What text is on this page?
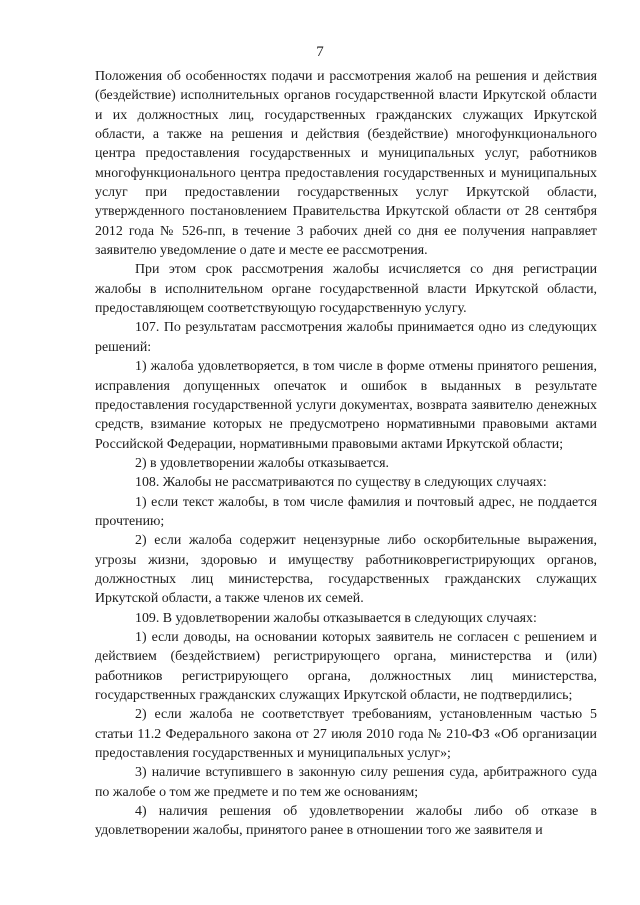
7

Положения об особенностях подачи и рассмотрения жалоб на решения и действия (бездействие) исполнительных органов государственной власти Иркутской области и их должностных лиц, государственных гражданских служащих Иркутской области, а также на решения и действия (бездействие) многофункционального центра предоставления государственных и муниципальных услуг, работников многофункционального центра предоставления государственных и муниципальных услуг при предоставлении государственных услуг Иркутской области, утвержденного постановлением Правительства Иркутской области от 28 сентября 2012 года № 526-пп, в течение 3 рабочих дней со дня ее получения направляет заявителю уведомление о дате и месте ее рассмотрения.

При этом срок рассмотрения жалобы исчисляется со дня регистрации жалобы в исполнительном органе государственной власти Иркутской области, предоставляющем соответствующую государственную услугу.

107. По результатам рассмотрения жалобы принимается одно из следующих решений:

1) жалоба удовлетворяется, в том числе в форме отмены принятого решения, исправления допущенных опечаток и ошибок в выданных в результате предоставления государственной услуги документах, возврата заявителю денежных средств, взимание которых не предусмотрено нормативными правовыми актами Российской Федерации, нормативными правовыми актами Иркутской области;

2) в удовлетворении жалобы отказывается.

108. Жалобы не рассматриваются по существу в следующих случаях:

1) если текст жалобы, в том числе фамилия и почтовый адрес, не поддается прочтению;

2) если жалоба содержит нецензурные либо оскорбительные выражения, угрозы жизни, здоровью и имуществу работниковрегистрирующих органов, должностных лиц министерства, государственных гражданских служащих Иркутской области, а также членов их семей.

109. В удовлетворении жалобы отказывается в следующих случаях:

1) если доводы, на основании которых заявитель не согласен с решением и действием (бездействием) регистрирующего органа, министерства и (или) работников регистрирующего органа, должностных лиц министерства, государственных гражданских служащих Иркутской области, не подтвердились;

2) если жалоба не соответствует требованиям, установленным частью 5 статьи 11.2 Федерального закона от 27 июля 2010 года № 210-ФЗ «Об организации предоставления государственных и муниципальных услуг»;

3) наличие вступившего в законную силу решения суда, арбитражного суда по жалобе о том же предмете и по тем же основаниям;

4) наличия решения об удовлетворении жалобы либо об отказе в удовлетворении жалобы, принятого ранее в отношении того же заявителя и
